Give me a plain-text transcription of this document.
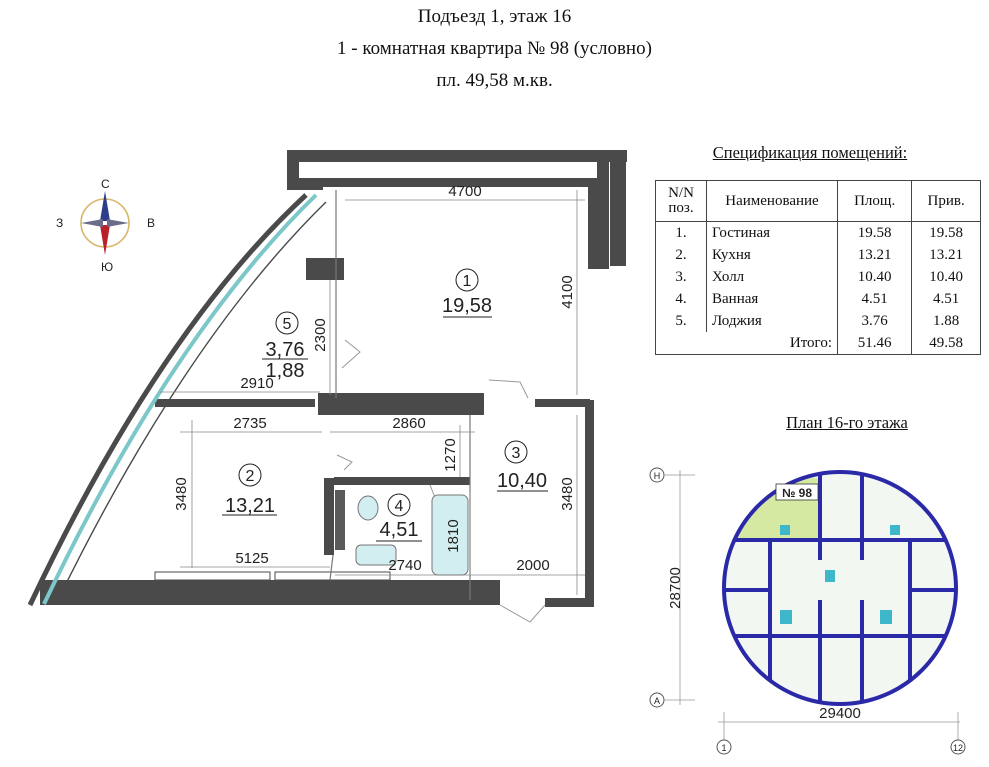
Подъезд 1, этаж 16
1 - комнатная квартира № 98 (условно)
пл. 49,58 м.кв.
С
Ю
З	В
1
19,58
2
13,21
3
10,40
4
4,51
5
3,76
1,88
4700
4100
2300
2910
2735	2860
1270
3480	3480
1810
5125	2740	2000
Спецификация помещений:
N/N
поз.	Наименование	Площ.	Прив.
1.	Гостиная	19.58	19.58
2.	Кухня	13.21	13.21
3.	Холл	10.40	10.40
4.	Ванная	4.51	4.51
5.	Лоджия	3.76	1.88
Итого:		51.46	49.58
План 16-го этажа
Н
А
28700
29400
1	12
№ 98
